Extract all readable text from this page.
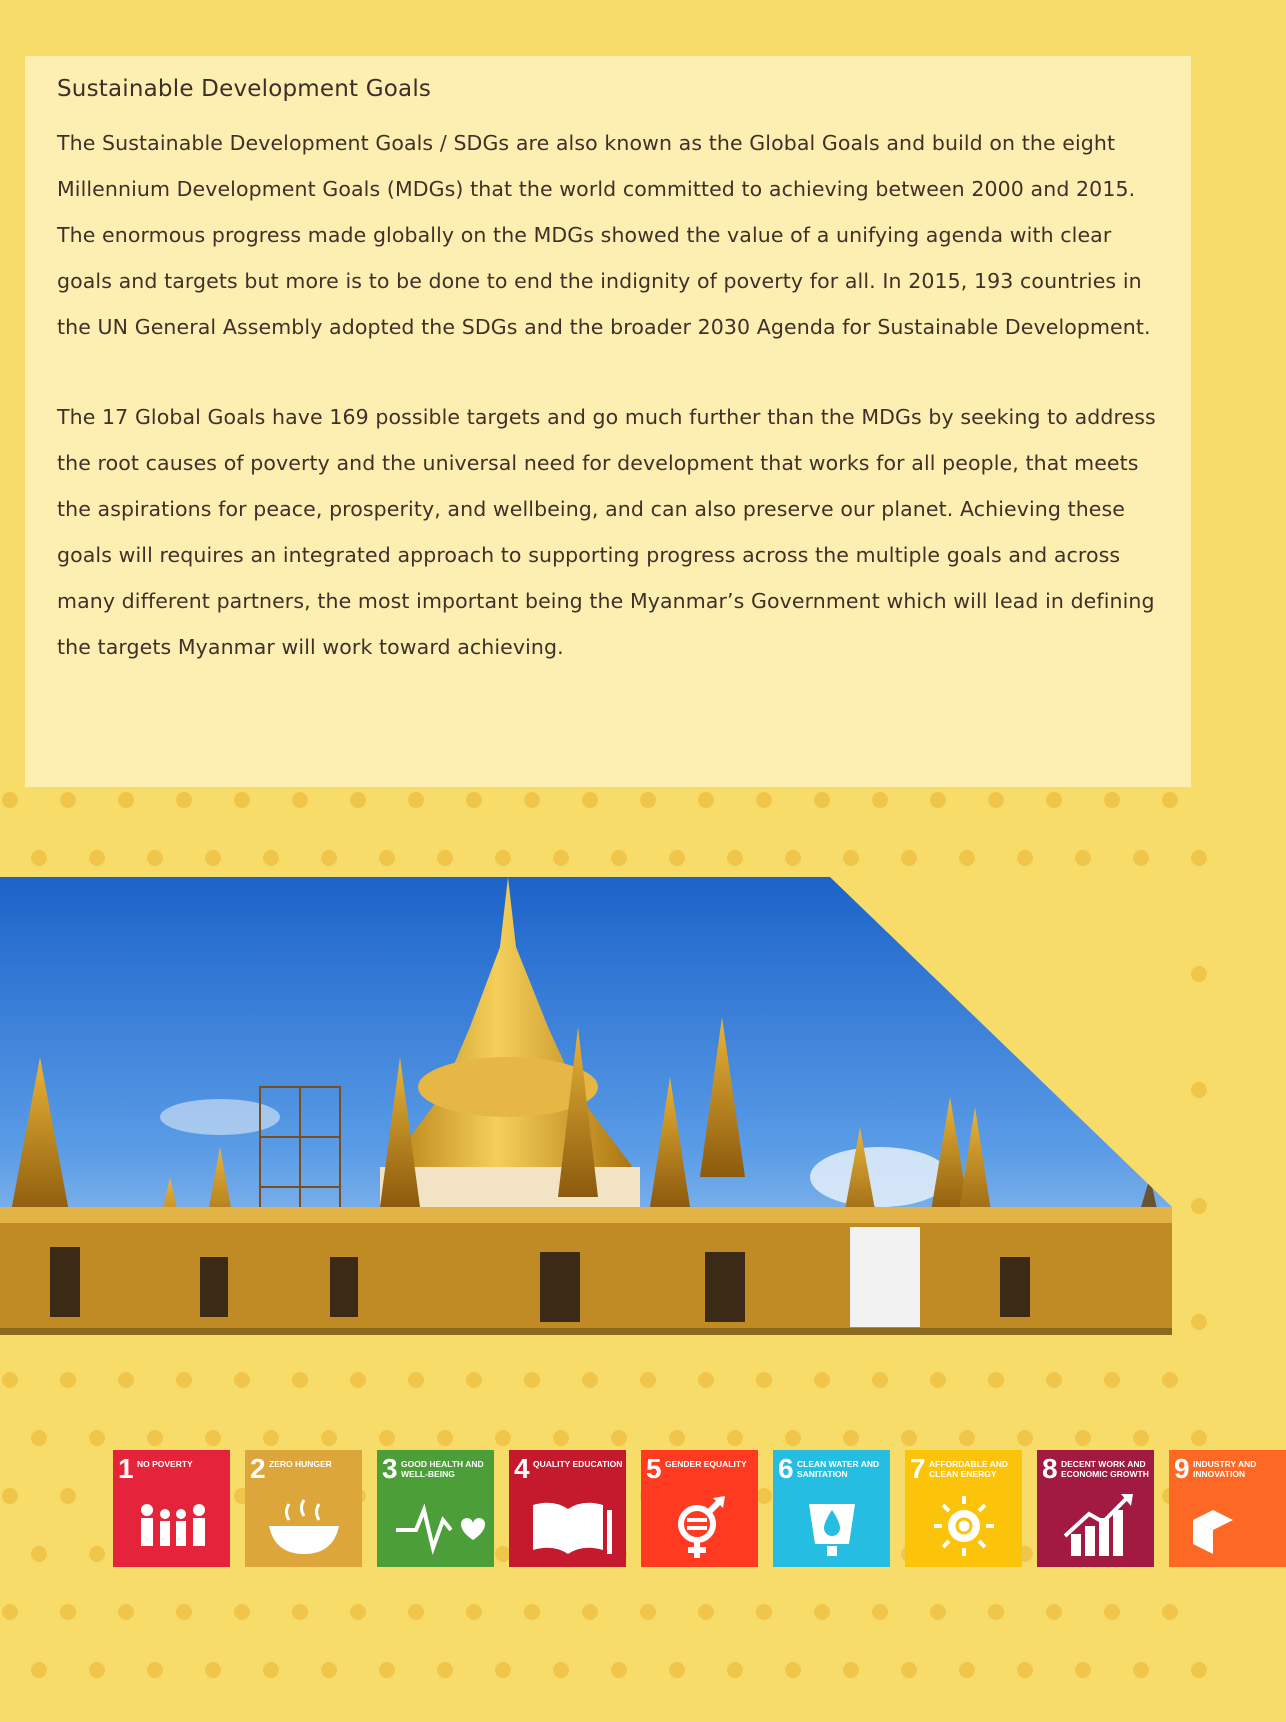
Sustainable Development Goals

The Sustainable Development Goals / SDGs are also known as the Global Goals and build on the eight Millennium Development Goals (MDGs) that the world committed to achieving between 2000 and 2015. The enormous progress made globally on the MDGs showed the value of a unifying agenda with clear goals and targets but more is to be done to end the indignity of poverty for all. In 2015, 193 countries in the UN General Assembly adopted the SDGs and the broader 2030 Agenda for Sustainable Development.

The 17 Global Goals have 169 possible targets and go much further than the MDGs by seeking to address the root causes of poverty and the universal need for development that works for all people, that meets the aspirations for peace, prosperity, and wellbeing, and can also preserve our planet. Achieving these goals will requires an integrated approach to supporting progress across the multiple goals and across many different partners, the most important being the Myanmar’s Government which will lead in defining the targets Myanmar will work toward achieving.

1 NO POVERTY	2 ZERO HUNGER	3 GOOD HEALTH AND WELL-BEING	4 QUALITY EDUCATION 5 GENDER EQUALITY 6 CLEAN WATER AND SANITATION	7 AFFORDABLE AND CLEAN ENERGY	8 DECENT WORK AND ECONOMIC GROWTH 9 INDUSTRY AND INNOVATION
